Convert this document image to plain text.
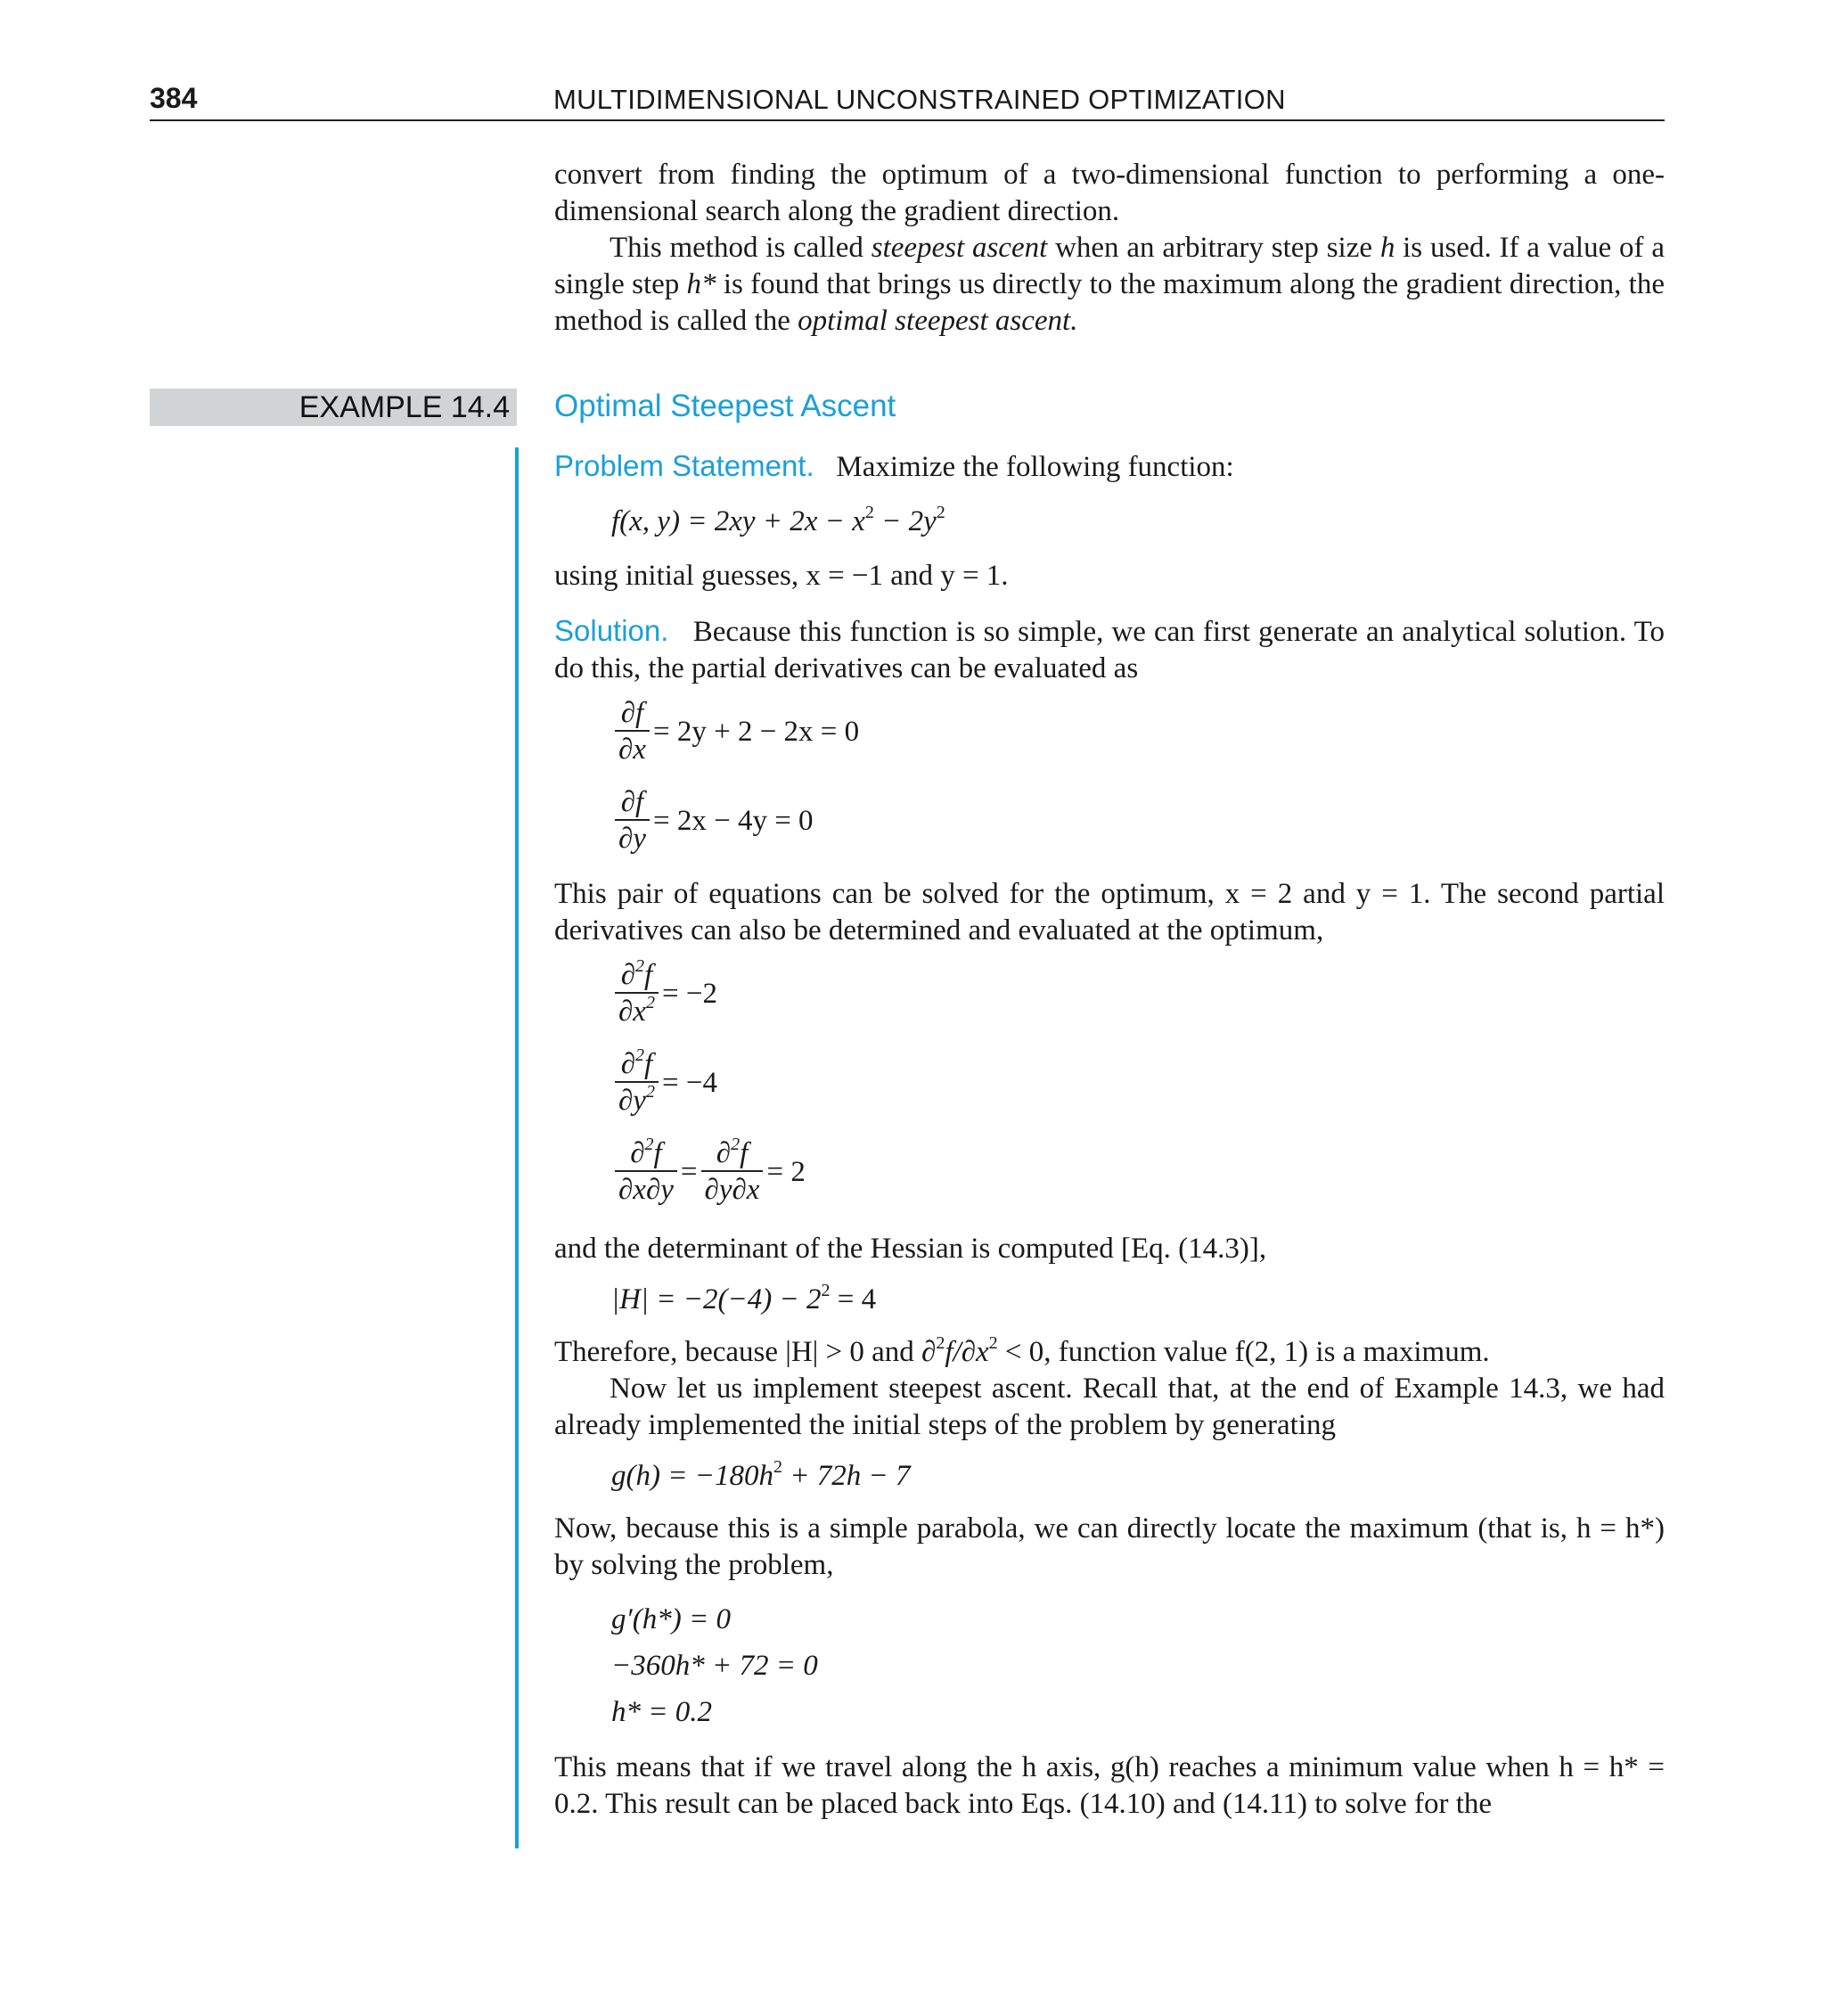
384	MULTIDIMENSIONAL UNCONSTRAINED OPTIMIZATION

convert from finding the optimum of a two-dimensional function to performing a one-dimensional search along the gradient direction.

This method is called steepest ascent when an arbitrary step size h is used. If a value of a single step h* is found that brings us directly to the maximum along the gradient direction, the method is called the optimal steepest ascent.

EXAMPLE 14.4 Optimal Steepest Ascent

Problem Statement. Maximize the following function:

f(x, $y) = 2xy + 2x - x^2 - 2y^2$

using initial guesses, x = −1 and y = 1.

Solution. Because this function is so simple, we can first generate an analytical solution. To do this, the partial derivatives can be evaluated as

$\frac{\partial f}{\partial x} = 2y + 2 - 2x = 0$
$\frac{\partial f}{\partial y} = 2x - 4y = 0$

This pair of equations can be solved for the optimum, x = 2 and y = 1. The second partial derivatives can also be determined and evaluated at the optimum,

$\frac{\partial^2f}{\partial x^2} = -2$
$\frac{\partial^2f}{\partial y^2} = -4$
$\frac{\partial^2f}{\partial x\partial y} = \frac{\partial^2f}{\partial y\partial x} = 2$

and the determinant of the Hessian is computed [Eq. (14.3)],

$|H| = -2(-4) - 2^2 = 4$

Therefore, because |H| > 0 and $\partial^2f/\partial x^2 < 0$, function value f(2, 1) is a maximum.

Now let us implement steepest ascent. Recall that, at the end of Example 14.3, we had already implemented the initial steps of the problem by generating

$g(h) = -180h^2 + 72h - 7$

Now, because this is a simple parabola, we can directly locate the maximum (that is, h = h*) by solving the problem,

g′(h*) = 0
−360h* + 72 = 0
h* = 0.2

This means that if we travel along the h axis, g(h) reaches a minimum value when h = h* = 0.2. This result can be placed back into Eqs. (14.10) and (14.11) to solve for the
